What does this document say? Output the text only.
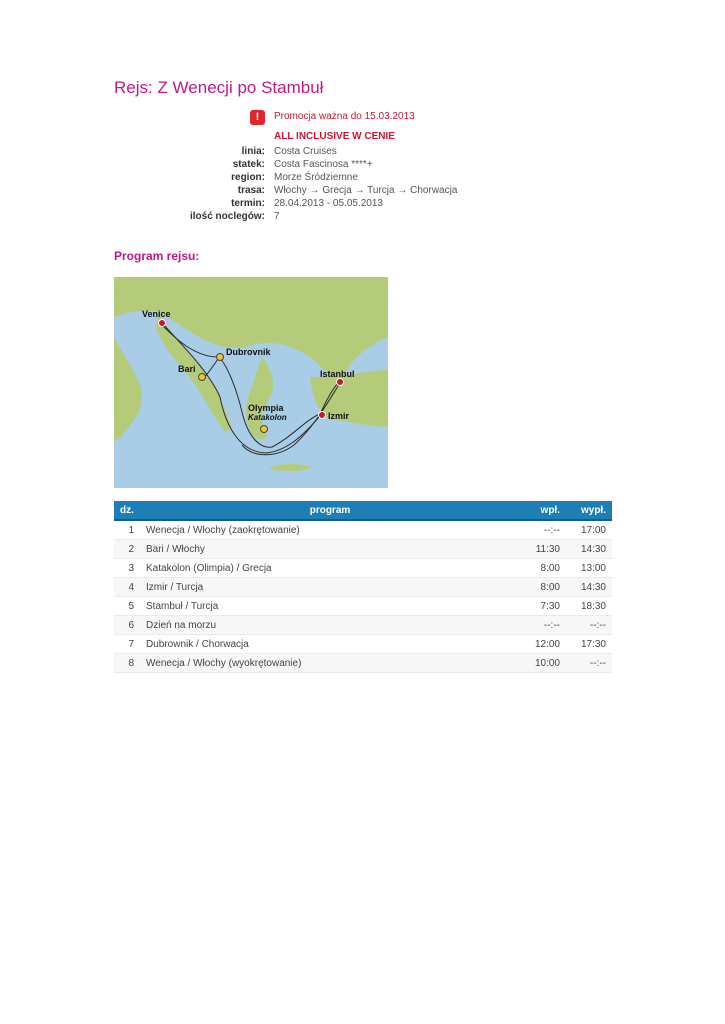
Rejs: Z Wenecji po Stambuł
!	Promocja ważna do 15.03.2013
ALL INCLUSIVE W CENIE
linia: Costa Cruises
statek: Costa Fascinosa ****+
region: Morze Śródziemne
trasa: Włochy → Grecja → Turcja → Chorwacja
termin: 28.04.2013 - 05.05.2013
ilość noclegów: 7
Program rejsu:
Venice
Dubrovnik
Bari	Istanbul
Olympia
Katakolon	Izmir
dz.	program	wpł.	wypł.
1	Wenecja / Włochy (zaokrętowanie)	--:--	17:00
2	Bari / Włochy	11:30	14:30
3	Katakolon (Olimpia) / Grecja	8:00	13:00
4	Izmir / Turcja	8:00	14:30
5	Stambuł / Turcja	7:30	18:30
6	Dzień na morzu	--:--	--:--
7	Dubrownik / Chorwacja	12:00	17:30
8	Wenecja / Włochy (wyokrętowanie)	10:00	--:--
